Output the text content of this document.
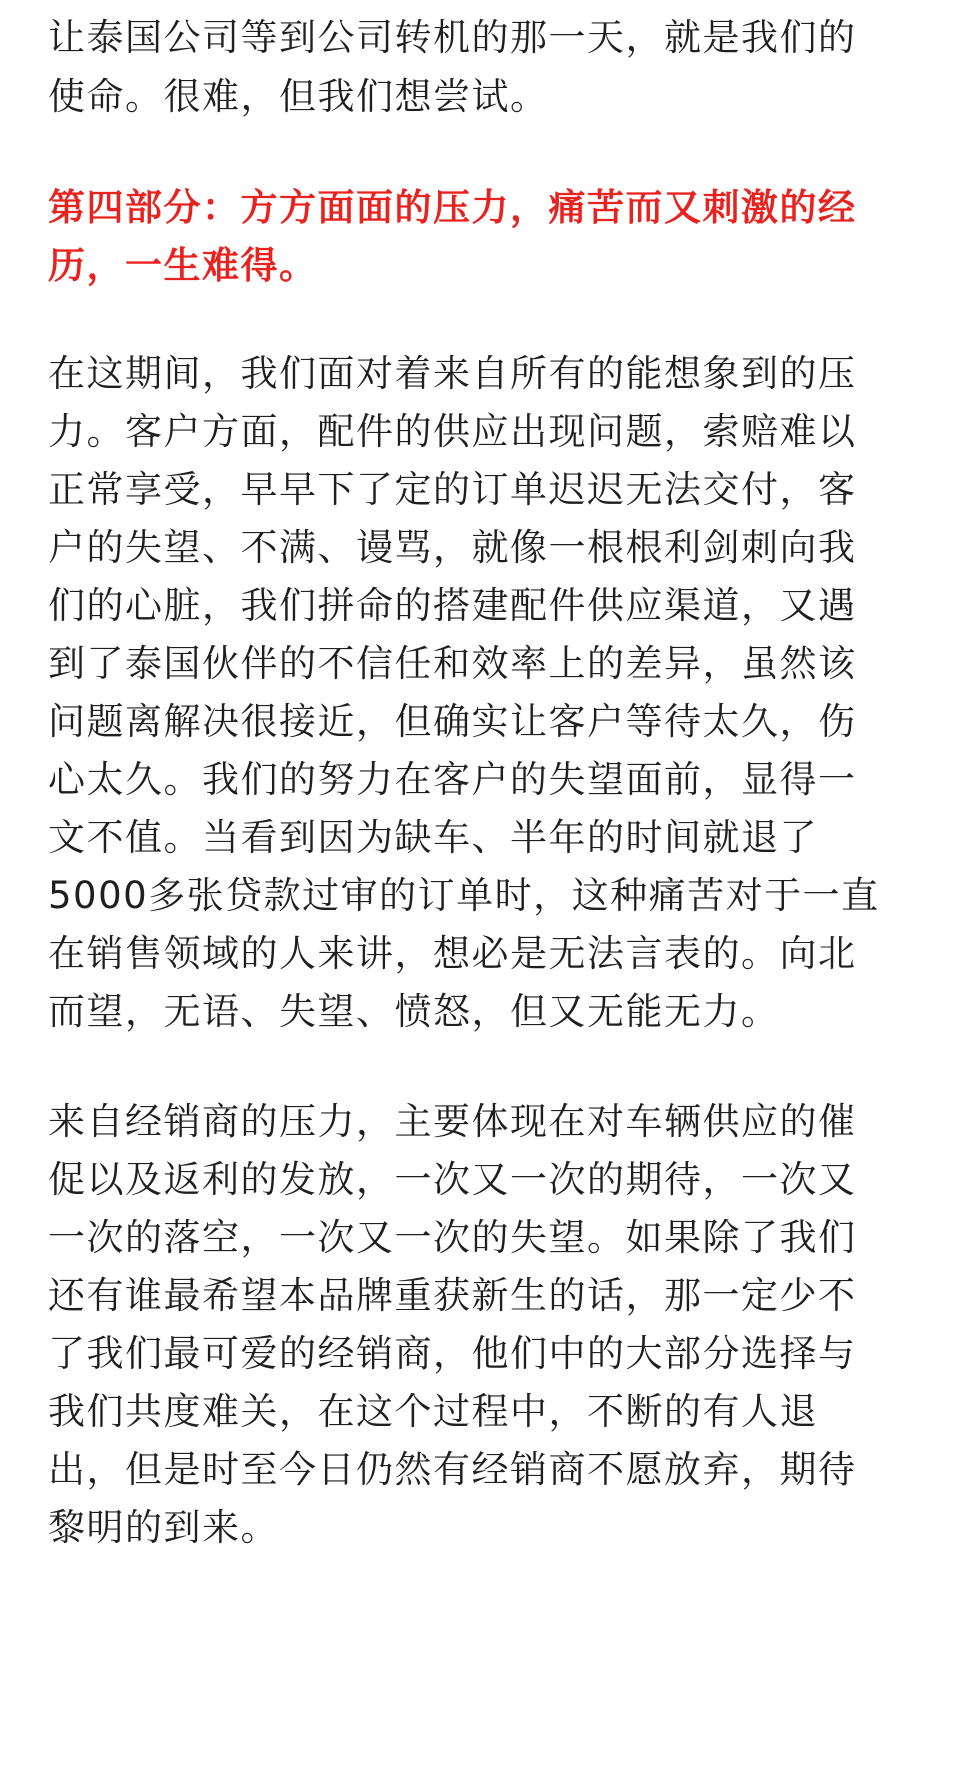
让泰国公司等到公司转机的那一天，就是我们的
使命。很难，但我们想尝试。
第四部分：方方面面的压力，痛苦而又刺激的经
历，一生难得。
在这期间，我们面对着来自所有的能想象到的压
力。客户方面，配件的供应出现问题，索赔难以
正常享受，早早下了定的订单迟迟无法交付，客
户的失望、不满、谩骂，就像一根根利剑刺向我
们的心脏，我们拼命的搭建配件供应渠道，又遇
到了泰国伙伴的不信任和效率上的差异，虽然该
问题离解决很接近，但确实让客户等待太久，伤
心太久。我们的努力在客户的失望面前，显得一
文不值。当看到因为缺车、半年的时间就退了
5000多张贷款过审的订单时，这种痛苦对于一直
在销售领域的人来讲，想必是无法言表的。向北
而望，无语、失望、愤怒，但又无能无力。
来自经销商的压力，主要体现在对车辆供应的催
促以及返利的发放，一次又一次的期待，一次又
一次的落空，一次又一次的失望。如果除了我们
还有谁最希望本品牌重获新生的话，那一定少不
了我们最可爱的经销商，他们中的大部分选择与
我们共度难关，在这个过程中，不断的有人退
出，但是时至今日仍然有经销商不愿放弃，期待
黎明的到来。
